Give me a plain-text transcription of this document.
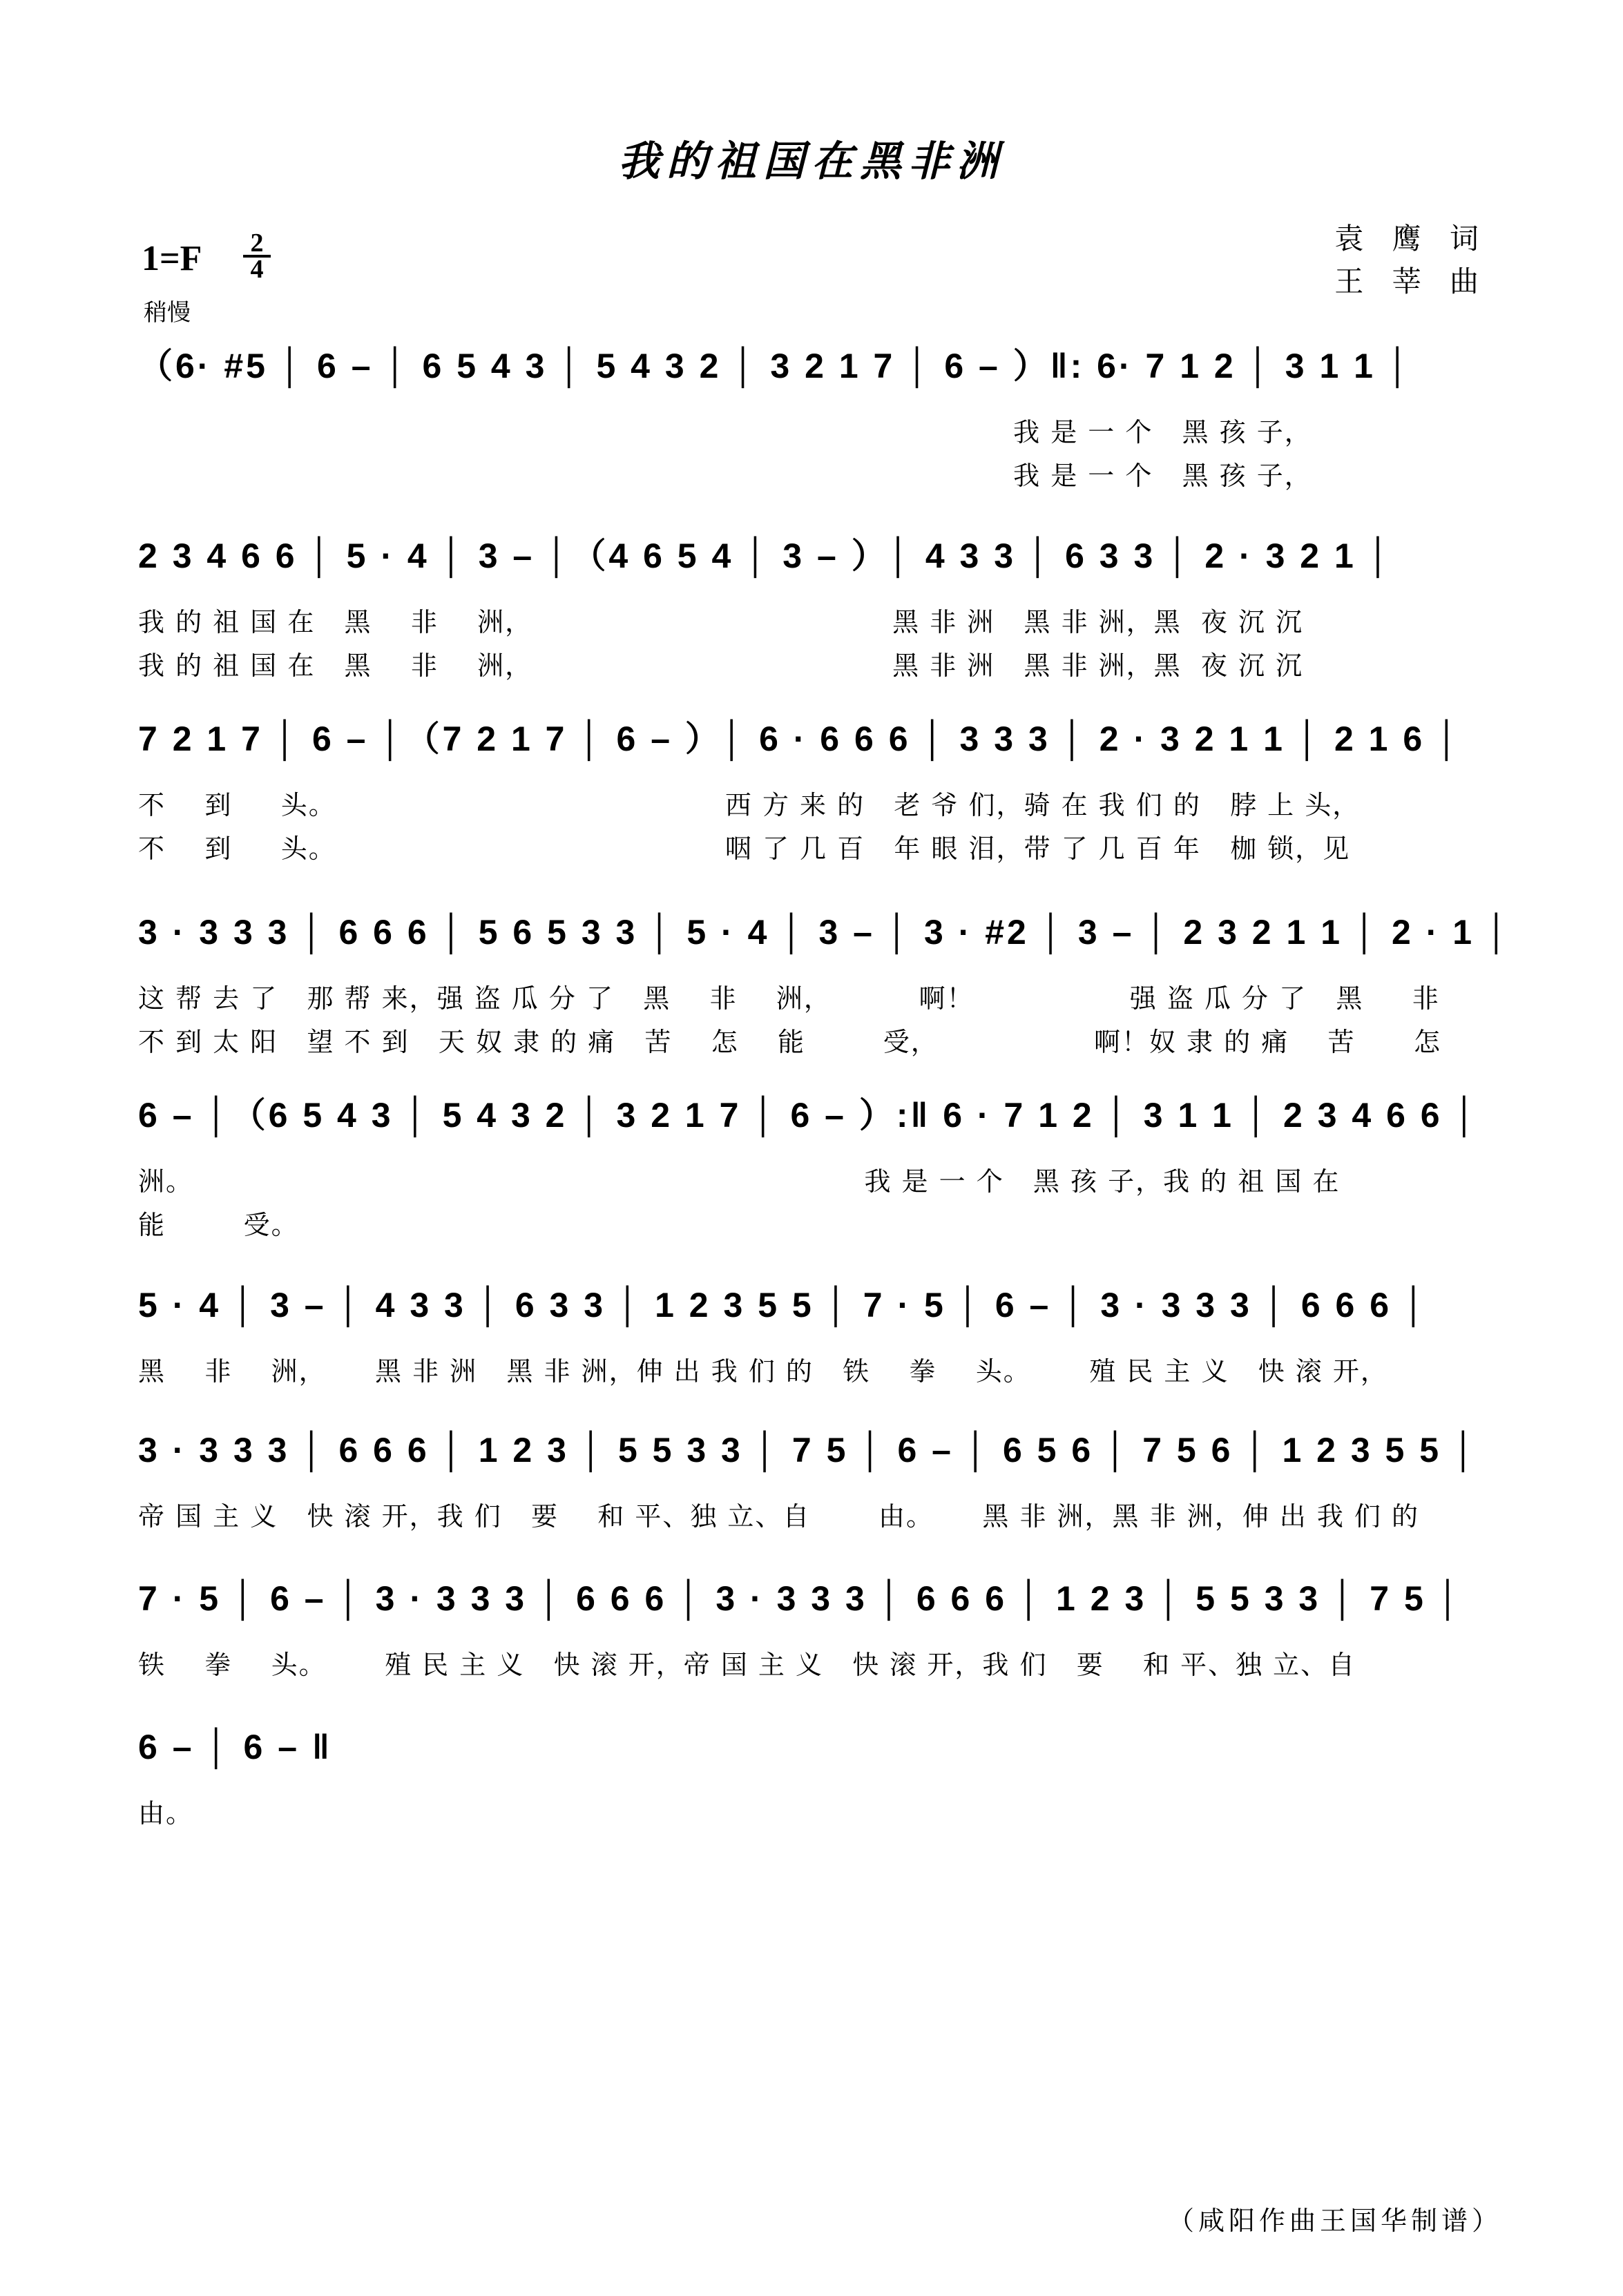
我的祖国在黑非洲
1=F 2
4
稍慢
袁 鹰 词
王 莘 曲
（6· #5 │ 6 – │ 6 5 4 3 │ 5 4 3 2 │ 3 2 1 7 │ 6 – ）‖: 6· 7 1 2 │ 3 1 1 │
我 是 一 个   黑 孩 子，
我 是 一 个   黑 孩 子，
2 3 4 6 6 │ 5 · 4 │ 3 – │（4 6 5 4 │ 3 – ）│ 4 3 3 │ 6 3 3 │ 2 · 3 2 1 │
我 的 祖 国 在   黑    非    洲，                                     黑 非 洲   黑 非 洲，黑  夜 沉 沉
我 的 祖 国 在   黑    非    洲，                                     黑 非 洲   黑 非 洲，黑  夜 沉 沉
7 2 1 7 │ 6 – │（7 2 1 7 │ 6 – ）│ 6 · 6 6 6 │ 3 3 3 │ 2 · 3 2 1 1 │ 2 1 6 │
不    到     头。                                        西 方 来 的   老 爷 们，骑 在 我 们 的   脖 上 头，
不    到     头。                                        咽 了 几 百   年 眼 泪，带 了 几 百 年   枷 锁，见
3 · 3 3 3 │ 6 6 6 │ 5 6 5 3 3 │ 5 · 4 │ 3 – │ 3 · #2 │ 3 – │ 2 3 2 1 1 │ 2 · 1 │
这 帮 去 了   那 帮 来，强 盗 瓜 分 了   黑    非    洲，         啊！                强 盗 瓜 分 了   黑     非
不 到 太 阳   望 不 到   天 奴 隶 的 痛   苦    怎    能        受，                啊！奴 隶 的 痛    苦      怎
6 – │（6 5 4 3 │ 5 4 3 2 │ 3 2 1 7 │ 6 – ）:‖ 6 · 7 1 2 │ 3 1 1 │ 2 3 4 6 6 │
洲。                                                                     我 是 一 个   黑 孩 子，我 的 祖 国 在
能        受。
5 · 4 │ 3 – │ 4 3 3 │ 6 3 3 │ 1 2 3 5 5 │ 7 · 5 │ 6 – │ 3 · 3 3 3 │ 6 6 6 │
黑    非    洲，     黑 非 洲   黑 非 洲，伸 出 我 们 的   铁    拳    头。      殖 民 主 义   快 滚 开，
3 · 3 3 3 │ 6 6 6 │ 1 2 3 │ 5 5 3 3 │ 7 5 │ 6 – │ 6 5 6 │ 7 5 6 │ 1 2 3 5 5 │
帝 国 主 义   快 滚 开，我 们   要    和 平、独 立、自       由。     黑 非 洲，黑 非 洲，伸 出 我 们 的
7 · 5 │ 6 – │ 3 · 3 3 3 │ 6 6 6 │ 3 · 3 3 3 │ 6 6 6 │ 1 2 3 │ 5 5 3 3 │ 7 5 │
铁    拳    头。      殖 民 主 义   快 滚 开，帝 国 主 义   快 滚 开，我 们   要    和 平、独 立、自
6 – │ 6 – ‖
由。
（咸阳作曲王国华制谱）
